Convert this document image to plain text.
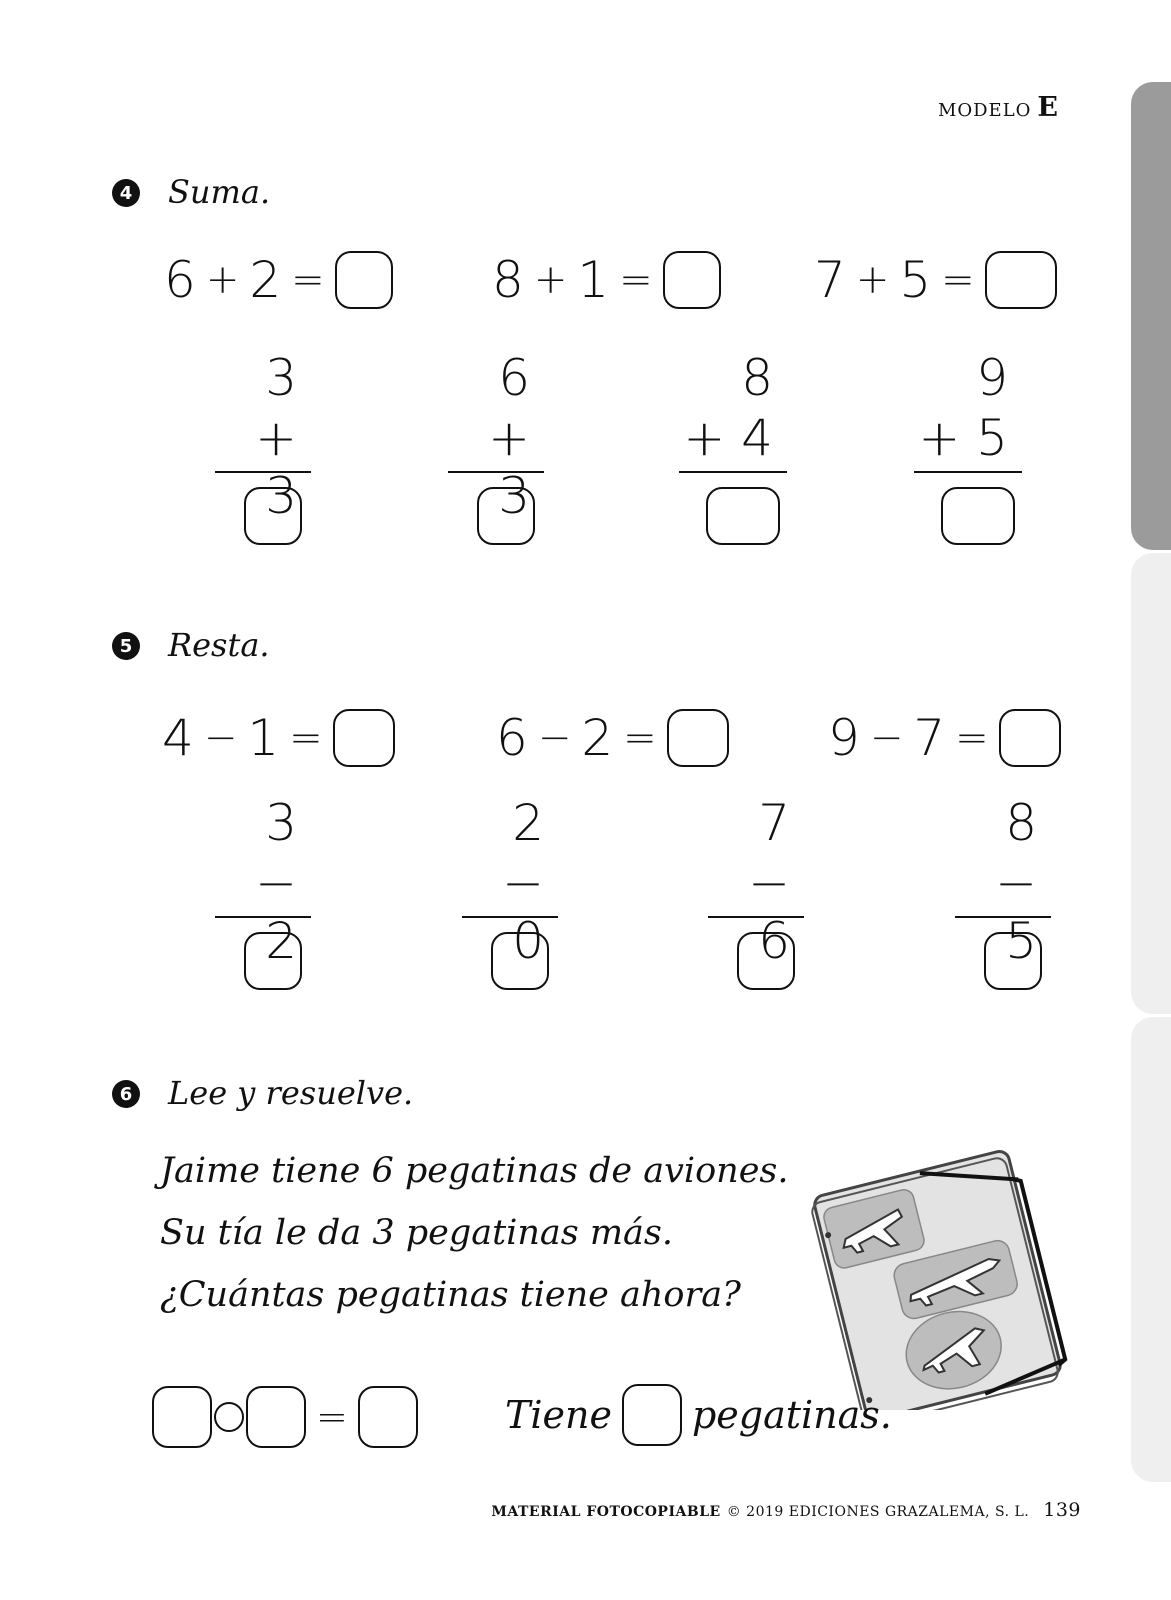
MODELO E
4 Suma.
6 + 2 =	8 + 1 =	7 + 5 =
3
+ 3
6
+ 3
8
+ 4
9
+ 5
5 Resta.
4 − 1 =	6 − 2 =	9 − 7 =
3
− 2
2
− 0
7
− 6
8
− 5
6 Lee y resuelve.
Jaime tiene 6 pegatinas de aviones.
Su tía le da 3 pegatinas más.
¿Cuántas pegatinas tiene ahora?
=	Tiene pegatinas.
MATERIAL FOTOCOPIABLE © 2019 EDICIONES GRAZALEMA, S. L. 139
